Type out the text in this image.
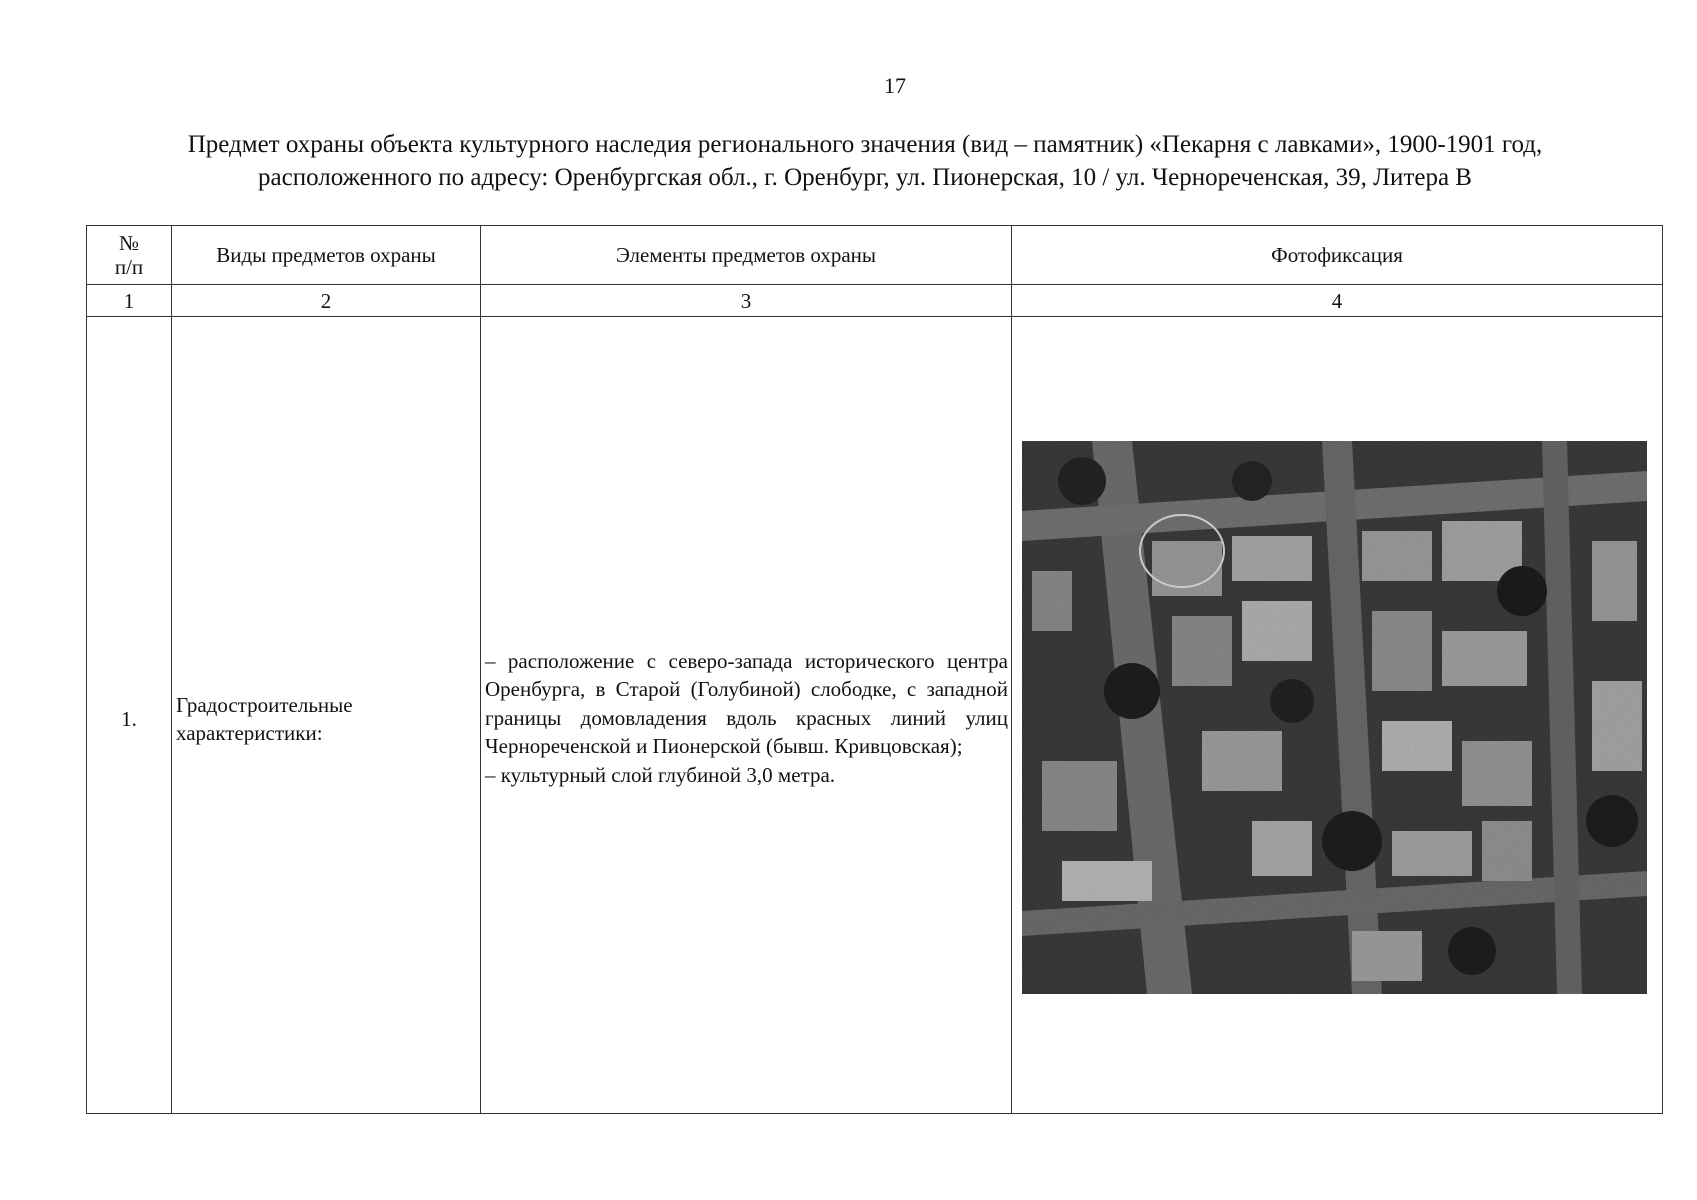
17
Предмет охраны объекта культурного наследия регионального значения (вид – памятник) «Пекарня с лавками», 1900-1901 год,
расположенного по адресу: Оренбургская обл., г. Оренбург, ул. Пионерская, 10 / ул. Чернореченская, 39, Литера В
№
п/п	Виды предметов охраны	Элементы предметов охраны	Фотофиксация
1	2	3	4
1.	Градостроительные характеристики:	– расположение с северо-запада исторического центра Оренбурга, в Старой (Голубиной) слободке, с западной границы домовладения вдоль красных линий улиц Чернореченской и Пионерской (бывш. Кривцовская);

– культурный слой глубиной 3,0 метра.
